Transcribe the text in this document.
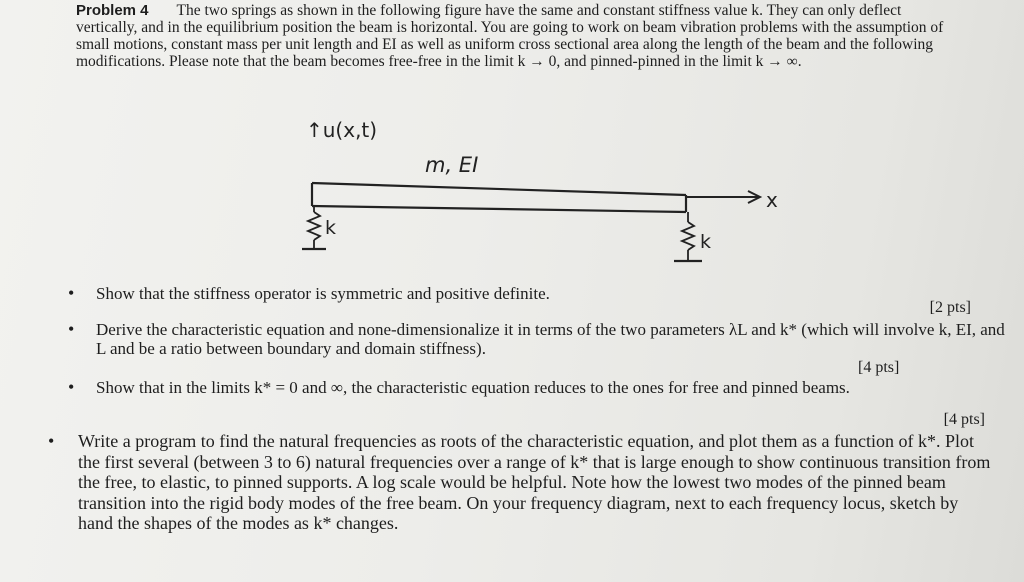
Problem 4 The two springs as shown in the following figure have the same and constant stiffness value k. They can only deflect vertically, and in the equilibrium position the beam is horizontal. You are going to work on beam vibration problems with the assumption of small motions, constant mass per unit length and EI as well as uniform cross sectional area along the length of the beam and the following modifications. Please note that the beam becomes free-free in the limit k → 0, and pinned-pinned in the limit k → ∞.
↑u(x,t)
m, EI
x
k
k
• Show that the stiffness operator is symmetric and positive definite.
[2 pts]
• Derive the characteristic equation and none-dimensionalize it in terms of the two parameters λL and k* (which will involve k, EI, and L and be a ratio between boundary and domain stiffness).
[4 pts]
• Show that in the limits k* = 0 and ∞, the characteristic equation reduces to the ones for free and pinned beams.
[4 pts]
• Write a program to find the natural frequencies as roots of the characteristic equation, and plot them as a function of k*. Plot the first several (between 3 to 6) natural frequencies over a range of k* that is large enough to show continuous transition from the free, to elastic, to pinned supports. A log scale would be helpful. Note how the lowest two modes of the pinned beam transition into the rigid body modes of the free beam. On your frequency diagram, next to each frequency locus, sketch by hand the shapes of the modes as k* changes.
